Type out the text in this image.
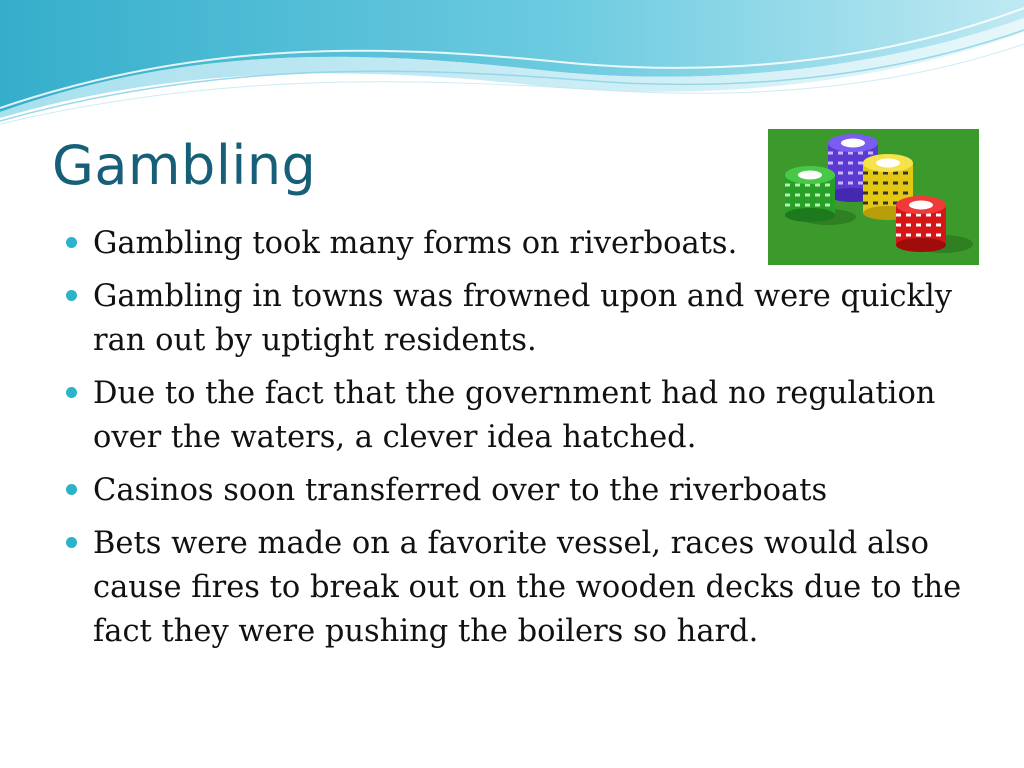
Gambling
Gambling took many forms on riverboats.
Gambling in towns was frowned upon and were quickly ran out by uptight residents.
Due to the fact that the government had no regulation over the waters, a clever idea hatched.
Casinos soon transferred over to the riverboats
Bets were made on a favorite vessel, races would also cause fires to break out on the wooden decks due to the fact they were pushing the boilers so hard.
